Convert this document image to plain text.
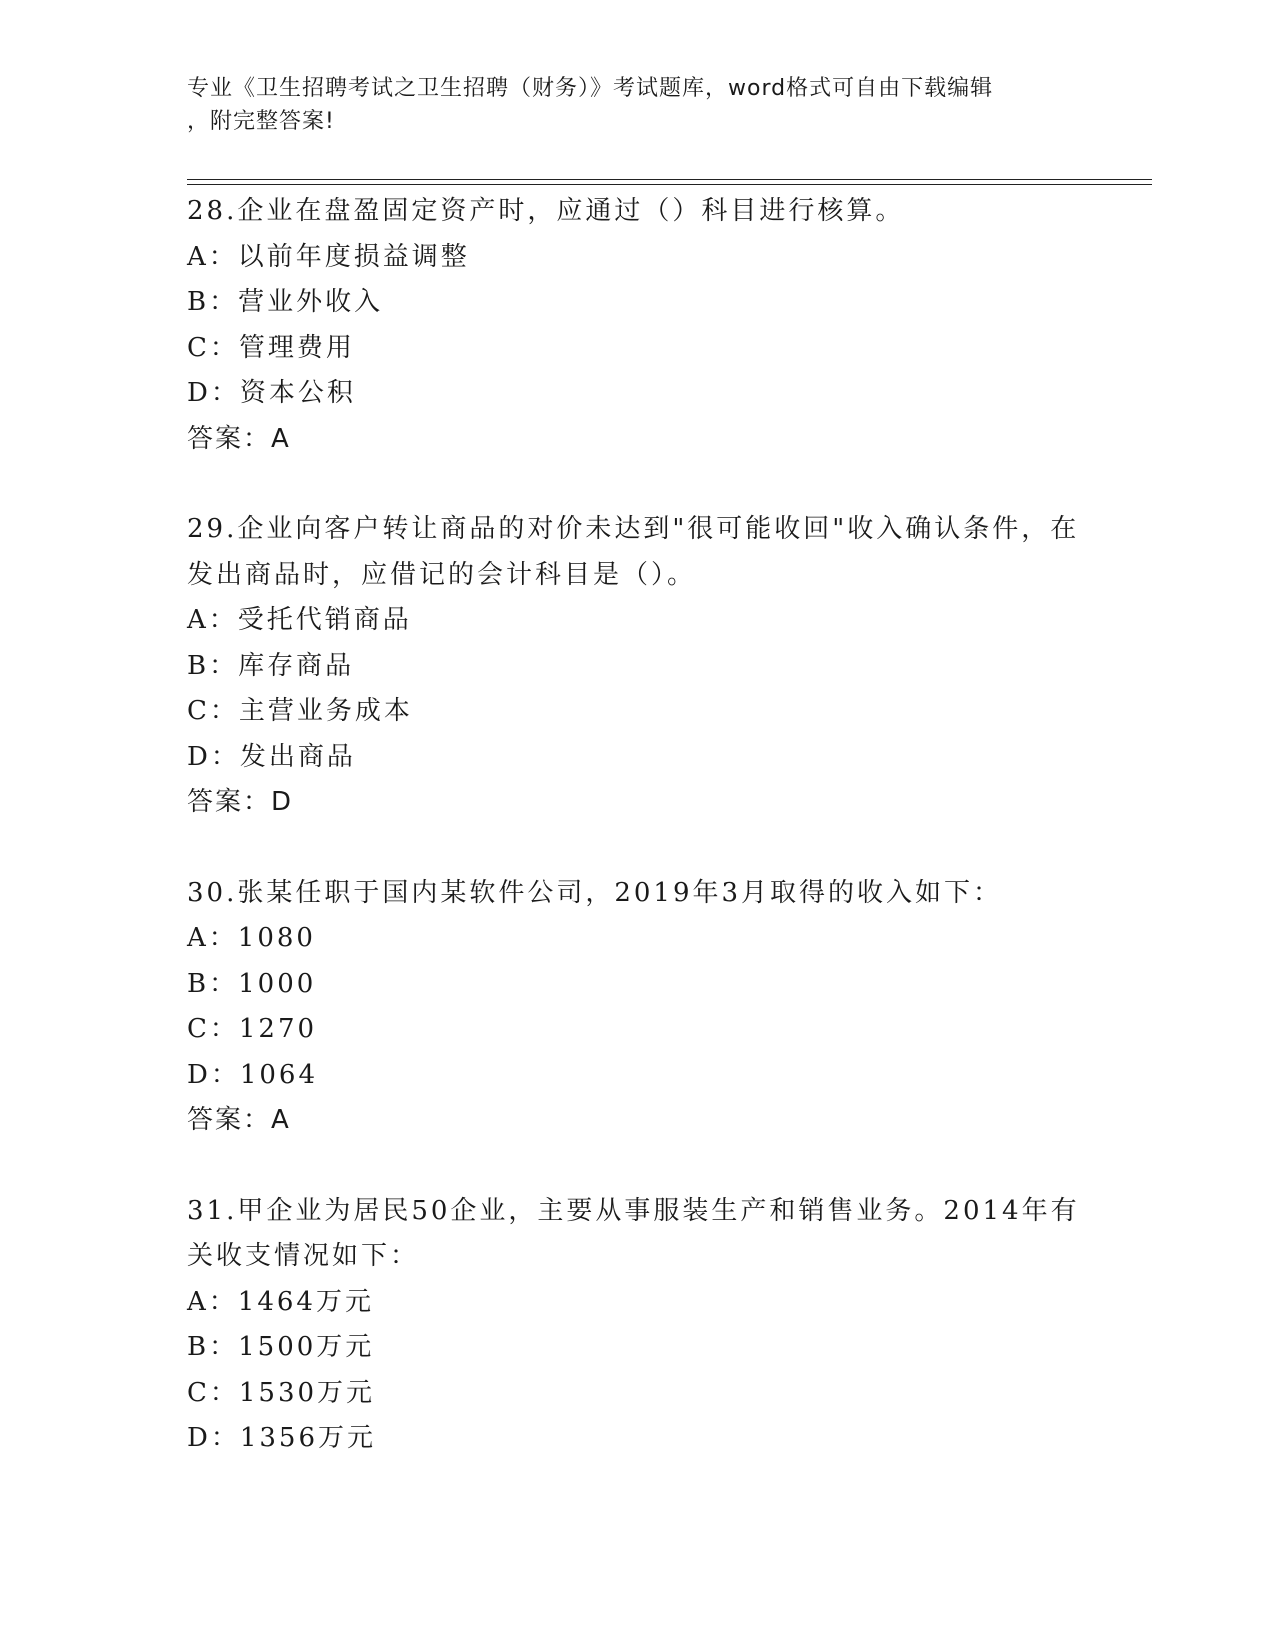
专业《卫生招聘考试之卫生招聘（财务）》考试题库，word格式可自由下载编辑
，附完整答案!
28.企业在盘盈固定资产时，应通过（）科目进行核算。
A：以前年度损益调整
B：营业外收入
C：管理费用
D：资本公积
答案：A
29.企业向客户转让商品的对价未达到"很可能收回"收入确认条件，在
发出商品时，应借记的会计科目是（）。
A：受托代销商品
B：库存商品
C：主营业务成本
D：发出商品
答案：D
30.张某任职于国内某软件公司，2019年3月取得的收入如下：
A：1080
B：1000
C：1270
D：1064
答案：A
31.甲企业为居民50企业，主要从事服装生产和销售业务。2014年有
关收支情况如下：
A：1464万元
B：1500万元
C：1530万元
D：1356万元
